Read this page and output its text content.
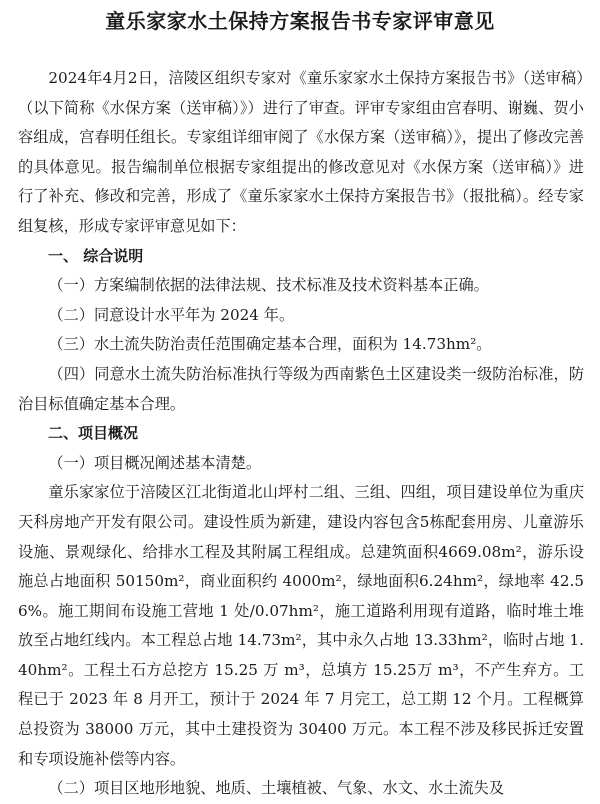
童乐家家水土保持方案报告书专家评审意见

2024年4月2日，涪陵区组织专家对《童乐家家水土保持方案报告书》（送审稿）（以下简称《水保方案（送审稿）》）进行了审查。评审专家组由宫春明、谢巍、贺小容组成，宫春明任组长。专家组详细审阅了《水保方案（送审稿）》，提出了修改完善的具体意见。报告编制单位根据专家组提出的修改意见对《水保方案（送审稿）》进行了补充、修改和完善，形成了《童乐家家水土保持方案报告书》（报批稿）。经专家组复核，形成专家评审意见如下：

一、 综合说明

（一）方案编制依据的法律法规、技术标准及技术资料基本正确。

（二）同意设计水平年为 2024 年。

（三）水土流失防治责任范围确定基本合理，面积为 14.73hm²。

（四）同意水土流失防治标准执行等级为西南紫色土区建设类一级防治标准，防治目标值确定基本合理。

二、项目概况

（一）项目概况阐述基本清楚。

童乐家家位于涪陵区江北街道北山坪村二组、三组、四组，项目建设单位为重庆天科房地产开发有限公司。建设性质为新建，建设内容包含5栋配套用房、儿童游乐设施、景观绿化、给排水工程及其附属工程组成。总建筑面积4669.08m²，游乐设施总占地面积 50150m²，商业面积约 4000m²，绿地面积6.24hm²，绿地率 42.56%。施工期间布设施工营地 1 处/0.07hm²，施工道路利用现有道路，临时堆土堆放至占地红线内。本工程总占地 14.73m²，其中永久占地 13.33hm²，临时占地 1.40hm²。工程土石方总挖方 15.25 万 m³，总填方 15.25万 m³，不产生弃方。工程已于 2023 年 8 月开工，预计于 2024 年 7 月完工，总工期 12 个月。工程概算总投资为 38000 万元，其中土建投资为 30400 万元。本工程不涉及移民拆迁安置和专项设施补偿等内容。

（二）项目区地形地貌、地质、土壤植被、气象、水文、水土流失及
